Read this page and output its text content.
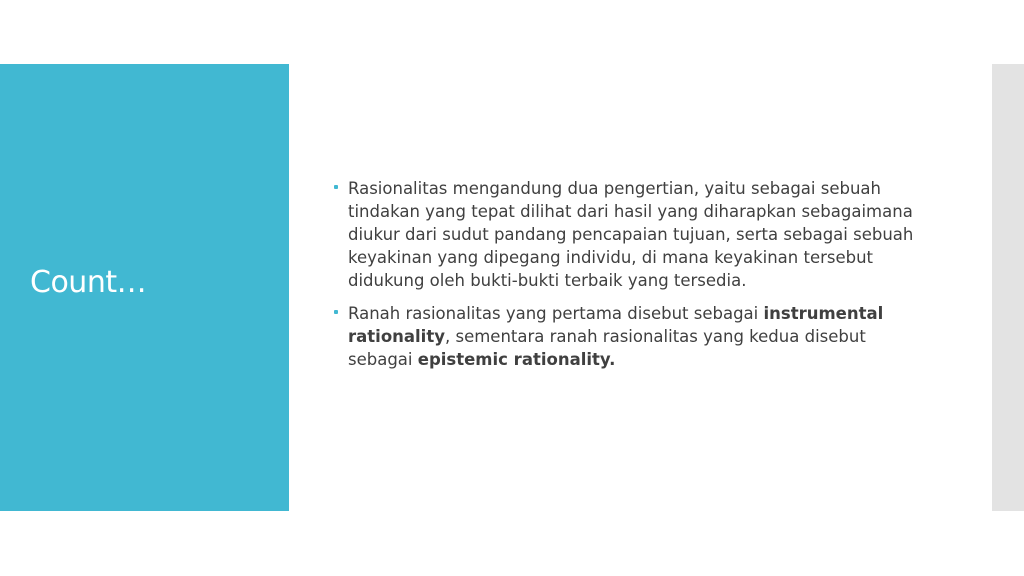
Count…

Rasionalitas mengandung dua pengertian, yaitu sebagai sebuah tindakan yang tepat dilihat dari hasil yang diharapkan sebagaimana diukur dari sudut pandang pencapaian tujuan, serta sebagai sebuah keyakinan yang dipegang individu, di mana keyakinan tersebut didukung oleh bukti-bukti terbaik yang tersedia.

Ranah rasionalitas yang pertama disebut sebagai instrumental rationality, sementara ranah rasionalitas yang kedua disebut sebagai epistemic rationality.
